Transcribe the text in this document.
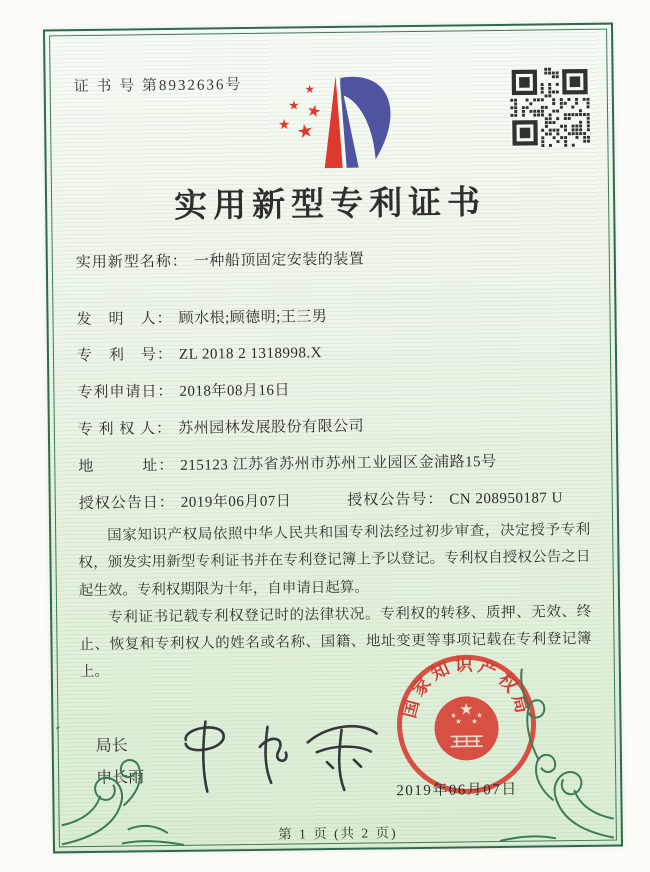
证 书 号 第8932636号
实用新型专利证书
实用新型名称： 一种船顶固定安装的装置
发　明　人： 顾水根;顾德明;王三男
专　利　号： ZL 2018 2 1318998.X
专利申请日： 2018年08月16日
专 利 权 人： 苏州园林发展股份有限公司
地　　　址： 215123 江苏省苏州市苏州工业园区金浦路15号
授权公告日： 2019年06月07日	授权公告号： CN 208950187 U

国家知识产权局依照中华人民共和国专利法经过初步审查，决定授予专利权，颁发实用新型专利证书并在专利登记簿上予以登记。专利权自授权公告之日起生效。专利权期限为十年，自申请日起算。

专利证书记载专利权登记时的法律状况。专利权的转移、质押、无效、终止、恢复和专利权人的姓名或名称、国籍、地址变更等事项记载在专利登记簿上。

局长
申长雨
国家知识产权局
2019年06月07日
第 1 页 (共 2 页)
